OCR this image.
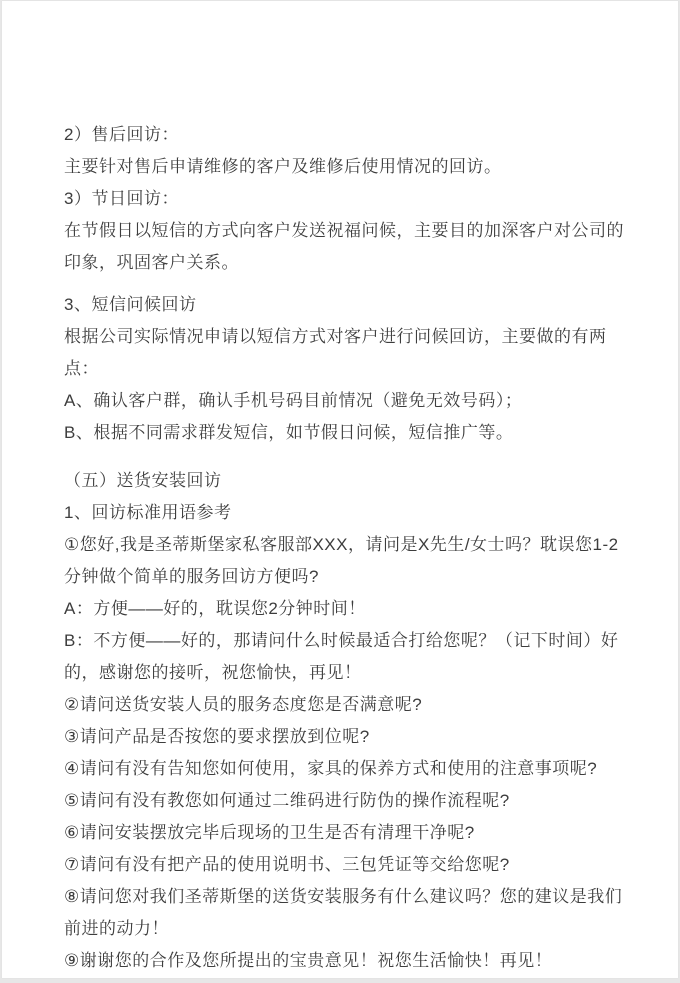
2）售后回访：

主要针对售后申请维修的客户及维修后使用情况的回访。

3）节日回访：

在节假日以短信的方式向客户发送祝福问候，主要目的加深客户对公司的印象，巩固客户关系。

3、短信问候回访

根据公司实际情况申请以短信方式对客户进行问候回访，主要做的有两点：

A、确认客户群，确认手机号码目前情况（避免无效号码）；

B、根据不同需求群发短信，如节假日问候，短信推广等。

（五）送货安装回访

1、回访标准用语参考

①您好,我是圣蒂斯堡家私客服部XXX，请问是X先生/女士吗？耽误您1-2分钟做个简单的服务回访方便吗?

A：方便——好的，耽误您2分钟时间！

B：不方便——好的，那请问什么时候最适合打给您呢？（记下时间）好的，感谢您的接听，祝您愉快，再见！

②请问送货安装人员的服务态度您是否满意呢?

③请问产品是否按您的要求摆放到位呢?

④请问有没有告知您如何使用，家具的保养方式和使用的注意事项呢?

⑤请问有没有教您如何通过二维码进行防伪的操作流程呢?

⑥请问安装摆放完毕后现场的卫生是否有清理干净呢?

⑦请问有没有把产品的使用说明书、三包凭证等交给您呢?

⑧请问您对我们圣蒂斯堡的送货安装服务有什么建议吗？您的建议是我们前进的动力！

⑨谢谢您的合作及您所提出的宝贵意见！祝您生活愉快！再见！
